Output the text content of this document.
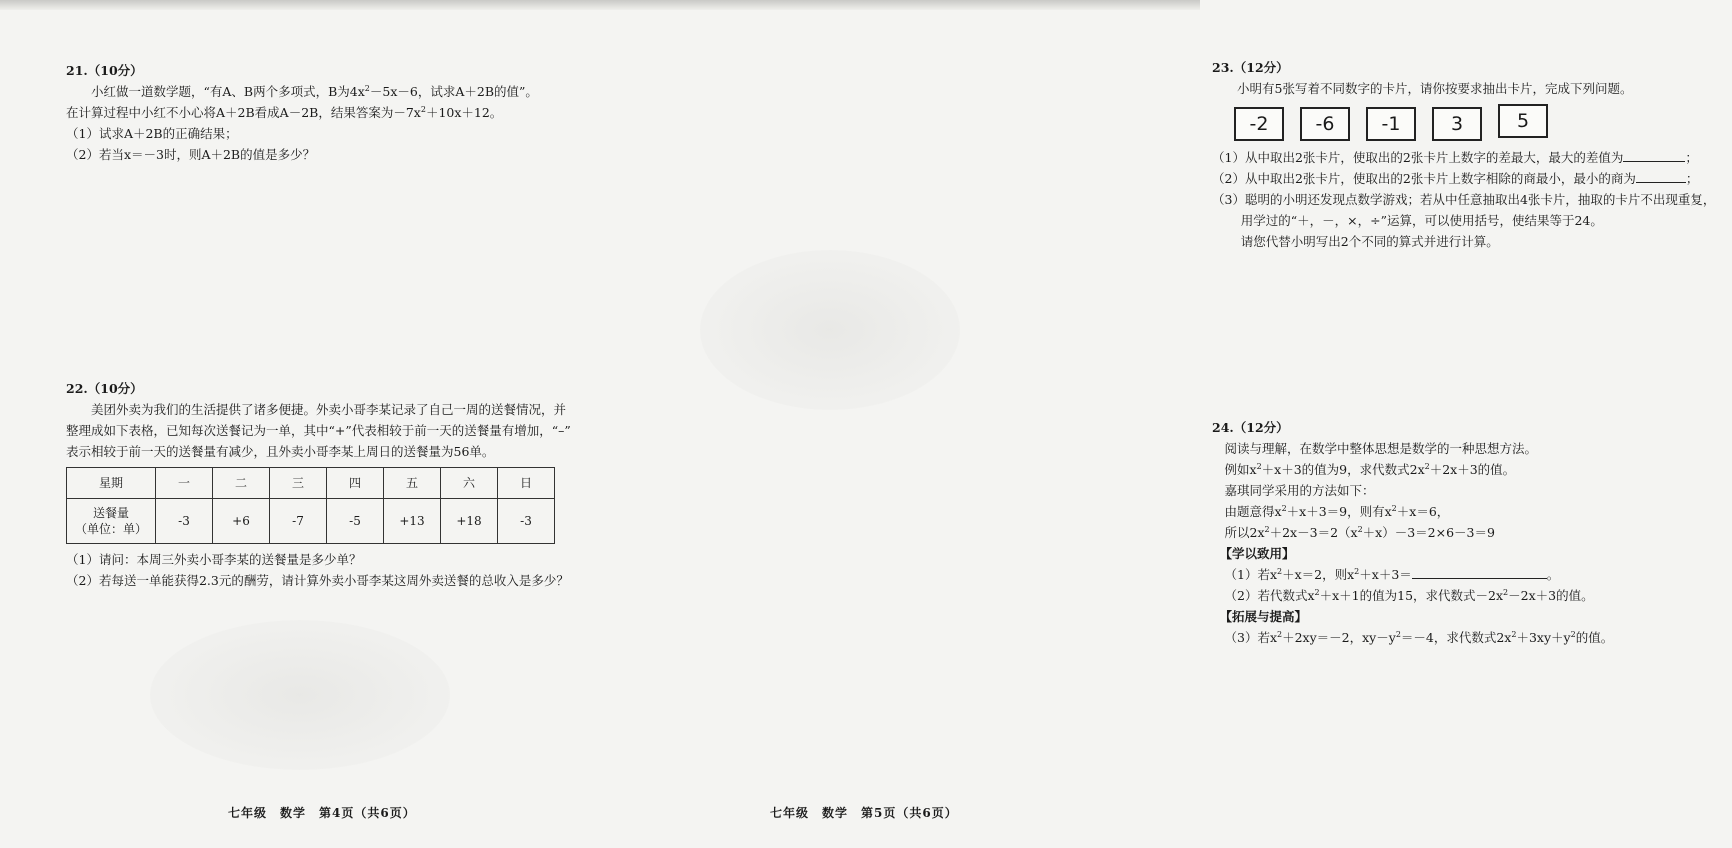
21.（10分）
小红做一道数学题，“有A、B两个多项式，B为$4x^2-5x-6$，试求A＋2B的值”。
在计算过程中小红不小心将A＋2B看成A－2B，结果答案为$-7x^2+10x+12$。
（1）试求A＋2B的正确结果；
（2）若当x＝－3时，则A＋2B的值是多少？
22.（10分）
美团外卖为我们的生活提供了诸多便捷。外卖小哥李某记录了自己一周的送餐情况，并
整理成如下表格，已知每次送餐记为一单，其中“+”代表相较于前一天的送餐量有增加，“–”
表示相较于前一天的送餐量有减少，且外卖小哥李某上周日的送餐量为56单。
星期	一	二	三	四	五	六	日

送餐量
（单位：单）	-3	+6	-7	-5	+13	+18	-3
（1）请问：本周三外卖小哥李某的送餐量是多少单？
（2）若每送一单能获得2.3元的酬劳，请计算外卖小哥李某这周外卖送餐的总收入是多少？
七年级　数学　第4页（共6页）
23.（12分）
小明有5张写着不同数字的卡片，请你按要求抽出卡片，完成下列问题。
-2	-6	-1	3	5
（1）从中取出2张卡片，使取出的2张卡片上数字的差最大，最大的差值为	；
（2）从中取出2张卡片，使取出的2张卡片上数字相除的商最小，最小的商为	；
（3）聪明的小明还发现点数学游戏；若从中任意抽取出4张卡片，抽取的卡片不出现重复，
用学过的“＋，－，×，÷”运算，可以使用括号，使结果等于24。
请您代替小明写出2个不同的算式并进行计算。
24.（12分）
阅读与理解，在数学中整体思想是数学的一种思想方法。
例如$x^2+x+3$的值为9，求代数式$2x^2+2x+3$的值。
嘉琪同学采用的方法如下：
由题意得$x^2+x+3=9$，则有$x^2+x=6$，
所以$2x^2+2x-3=2(x^2+x)-3=2\times 6-3=9$
【学以致用】
（1）若$x^2+x=2$，则$x^2+x+3=$	。
（2）若代数式$x^2+x+1$的值为15，求代数式$-2x^2-2x+3$的值。
【拓展与提高】
（3）若$x^2+2xy=-2$，$xy-y^2=-4$，求代数式$2x^2+3xy+y^2$的值。
七年级　数学　第5页（共6页）
